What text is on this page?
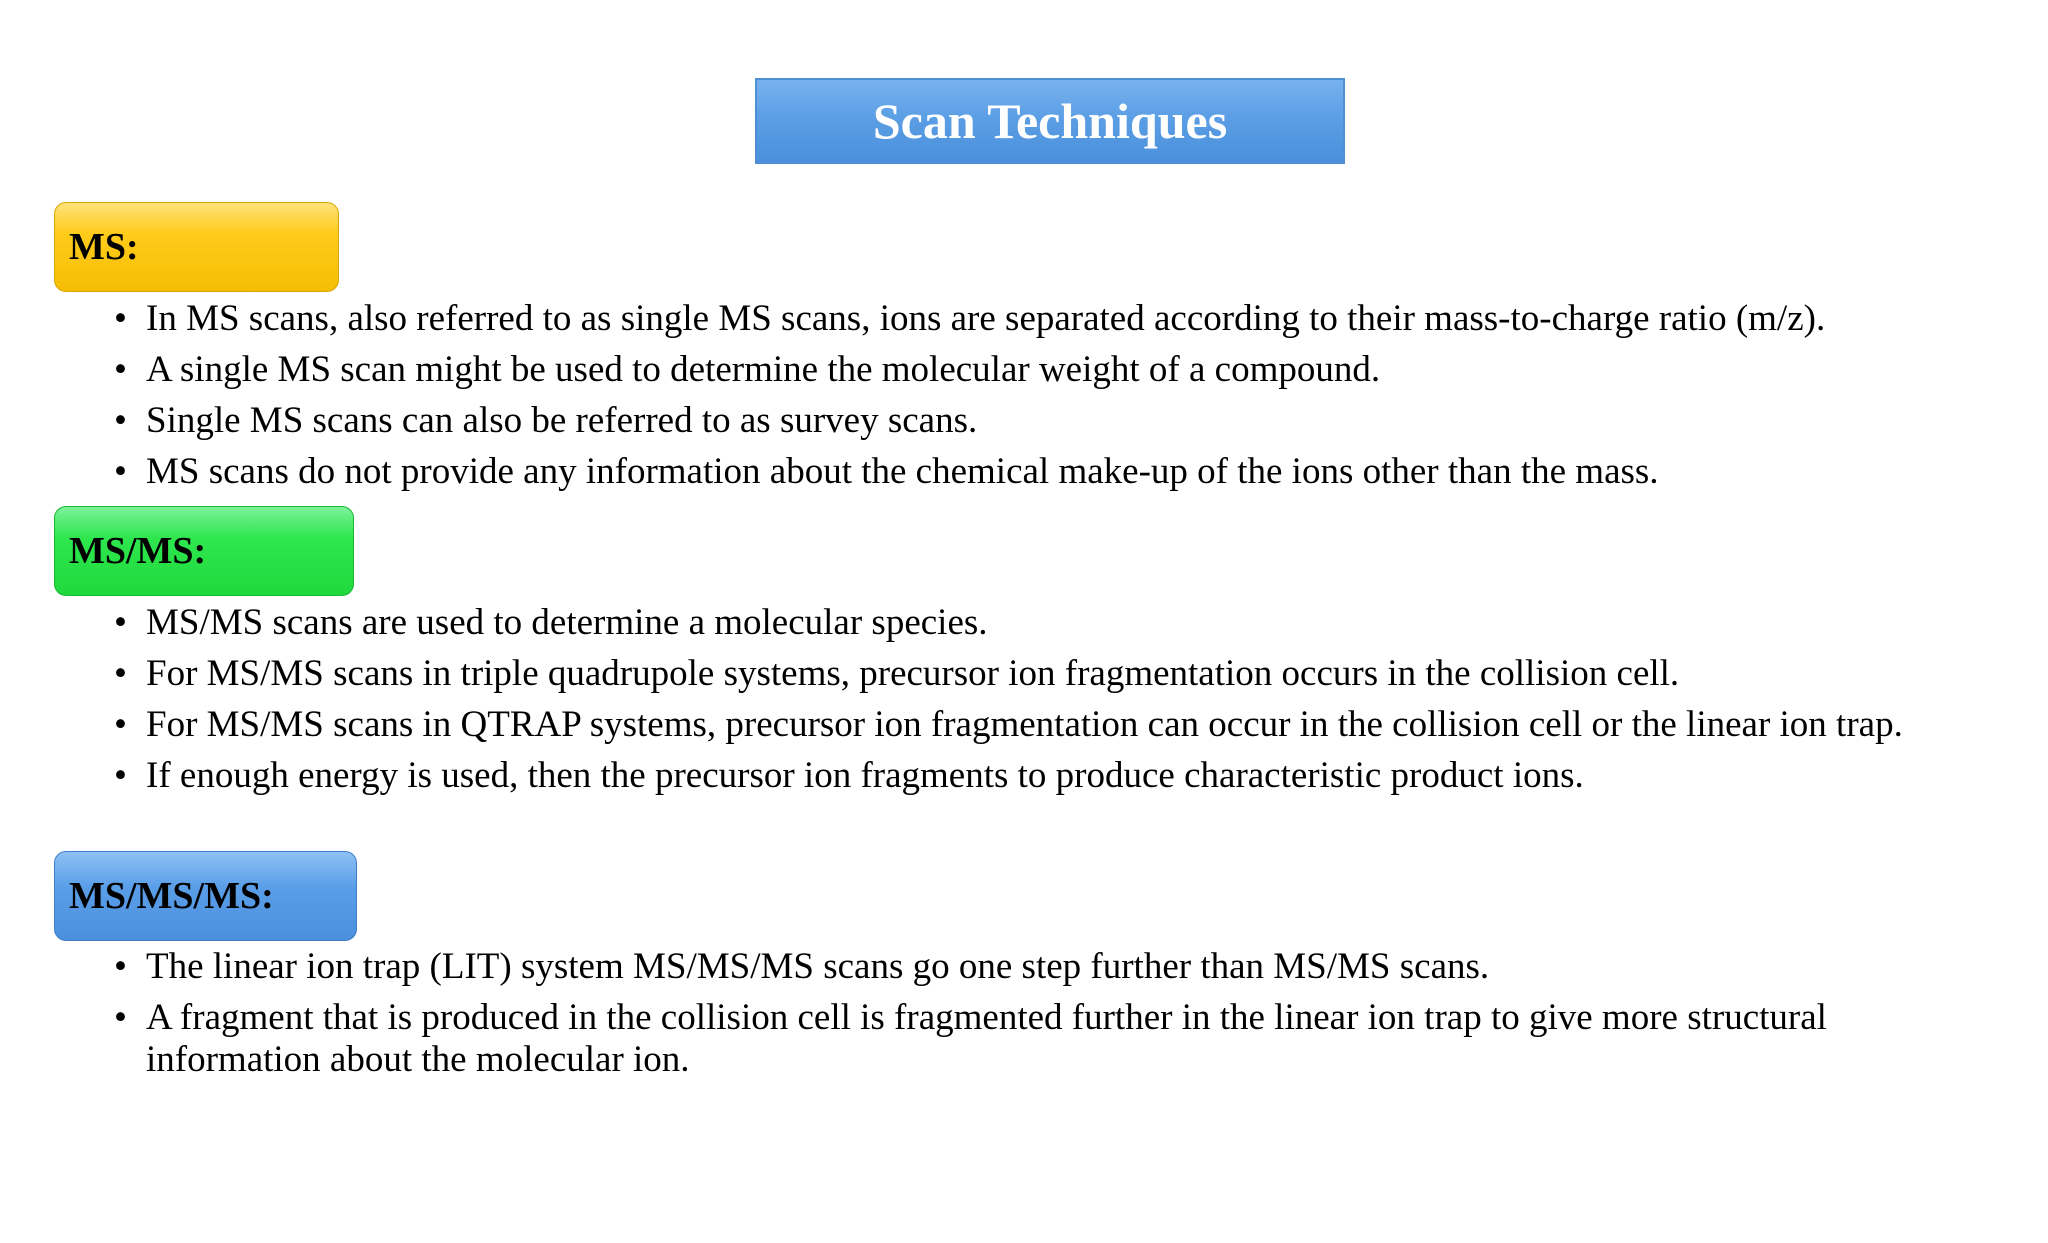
Scan Techniques
MS:
• In MS scans, also referred to as single MS scans, ions are separated according to their mass-to-charge ratio (m/z).
• A single MS scan might be used to determine the molecular weight of a compound.
• Single MS scans can also be referred to as survey scans.
• MS scans do not provide any information about the chemical make-up of the ions other than the mass.
MS/MS:
• MS/MS scans are used to determine a molecular species.
• For MS/MS scans in triple quadrupole systems, precursor ion fragmentation occurs in the collision cell.
• For MS/MS scans in QTRAP systems, precursor ion fragmentation can occur in the collision cell or the linear ion trap.
• If enough energy is used, then the precursor ion fragments to produce characteristic product ions.
MS/MS/MS:
• The linear ion trap (LIT) system MS/MS/MS scans go one step further than MS/MS scans.
• A fragment that is produced in the collision cell is fragmented further in the linear ion trap to give more structural information about the molecular ion.
